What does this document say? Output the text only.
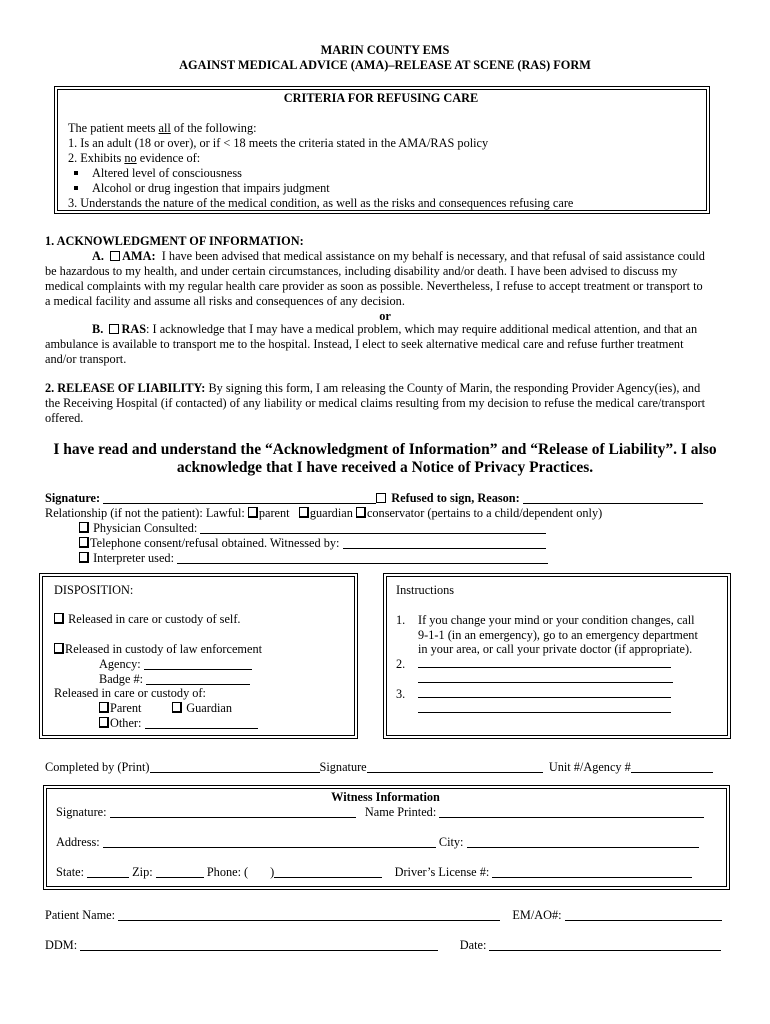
MARIN COUNTY EMS
AGAINST MEDICAL ADVICE (AMA)–RELEASE AT SCENE (RAS) FORM
CRITERIA FOR REFUSING CARE
The patient meets all of the following:
1. Is an adult (18 or over), or if < 18 meets the criteria stated in the AMA/RAS policy
2. Exhibits no evidence of:
Altered level of consciousness
Alcohol or drug ingestion that impairs judgment
3. Understands the nature of the medical condition, as well as the risks and consequences refusing care
1. ACKNOWLEDGMENT OF INFORMATION:
A. AMA: I have been advised that medical assistance on my behalf is necessary, and that refusal of said assistance could
be hazardous to my health, and under certain circumstances, including disability and/or death. I have been advised to discuss my
medical complaints with my regular health care provider as soon as possible. Nevertheless, I refuse to accept treatment or transport to
a medical facility and assume all risks and consequences of any decision.
or
B. RAS: I acknowledge that I may have a medical problem, which may require additional medical attention, and that an
ambulance is available to transport me to the hospital. Instead, I elect to seek alternative medical care and refuse further treatment
and/or transport.
2. RELEASE OF LIABILITY: By signing this form, I am releasing the County of Marin, the responding Provider Agency(ies), and
the Receiving Hospital (if contacted) of any liability or medical claims resulting from my decision to refuse the medical care/transport
offered.
I have read and understand the “Acknowledgment of Information” and “Release of Liability”. I also
acknowledge that I have received a Notice of Privacy Practices.
Signature:	Refused to sign, Reason:
Relationship (if not the patient): Lawful: parent guardian conservator (pertains to a child/dependent only)
Physician Consulted:
Telephone consent/refusal obtained. Witnessed by:
Interpreter used:
DISPOSITION:
Released in care or custody of self.
Released in custody of law enforcement
Agency:
Badge #:
Released in care or custody of:
Parent	Guardian
Other:
Instructions
1. If you change your mind or your condition changes, call
9-1-1 (in an emergency), go to an emergency department
in your area, or call your private doctor (if appropriate).
2.
3.
Completed by (Print)	Signature	Unit #/Agency #
Witness Information
Signature:	Name Printed:
Address:	City:
State:	Zip:	Phone: ( )	Driver’s License #:
Patient Name:	EM/AO#:
DDM:	Date:
